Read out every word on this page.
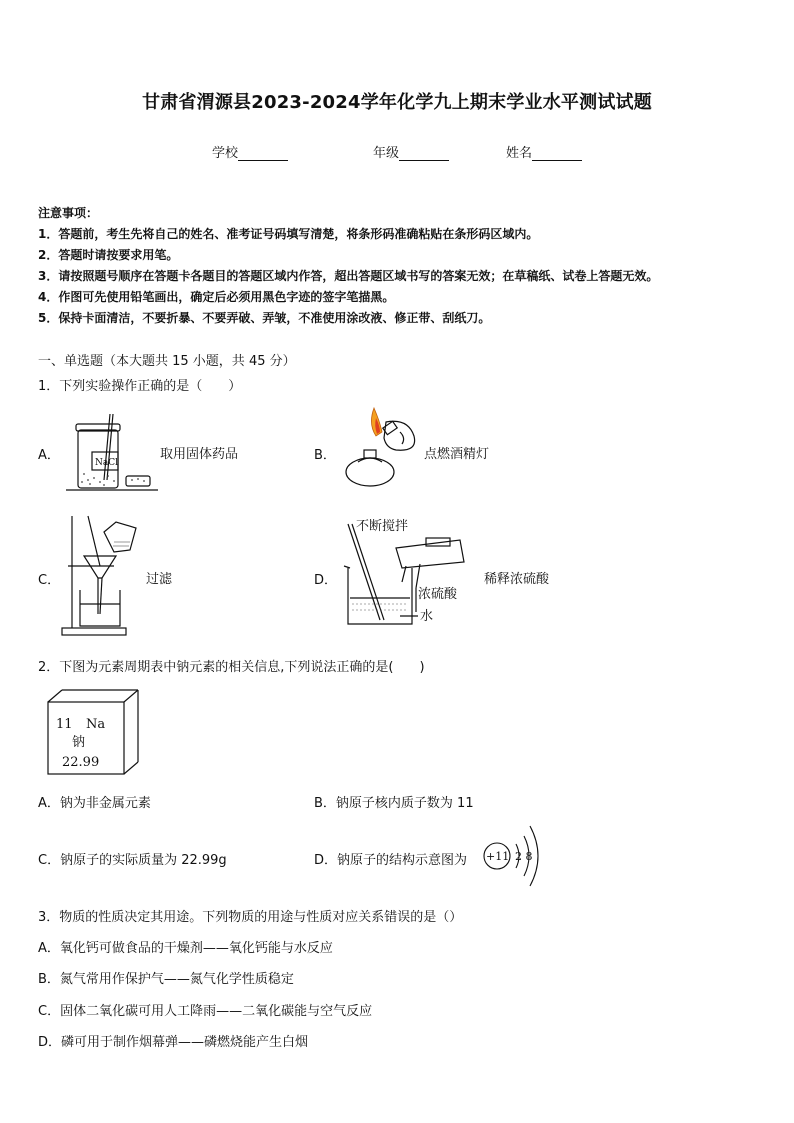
甘肃省渭源县2023-2024学年化学九上期末学业水平测试试题
学校	年级	姓名
注意事项：
1．答题前，考生先将自己的姓名、准考证号码填写清楚，将条形码准确粘贴在条形码区域内。
2．答题时请按要求用笔。
3．请按照题号顺序在答题卡各题目的答题区域内作答，超出答题区域书写的答案无效；在草稿纸、试卷上答题无效。
4．作图可先使用铅笔画出，确定后必须用黑色字迹的签字笔描黑。
5．保持卡面清洁，不要折暴、不要弄破、弄皱，不准使用涂改液、修正带、刮纸刀。
一、单选题（本大题共 15 小题，共 45 分）
1．下列实验操作正确的是（　　）
A．	取用固体药品	B．	点燃酒精灯
C．	过滤	D．	稀释浓硫酸
NaCl
不断搅拌
浓硫酸
水
2．下图为元素周期表中钠元素的相关信息,下列说法正确的是(　　)
11 Na
钠
22.99
A．钠为非金属元素	B．钠原子核内质子数为 11
C．钠原子的实际质量为 22.99g	D．钠原子的结构示意图为 +11 2 8
3．物质的性质决定其用途。下列物质的用途与性质对应关系错误的是（）
A．氧化钙可做食品的干燥剂——氧化钙能与水反应
B．氮气常用作保护气——氮气化学性质稳定
C．固体二氧化碳可用人工降雨——二氧化碳能与空气反应
D．磷可用于制作烟幕弹——磷燃烧能产生白烟
